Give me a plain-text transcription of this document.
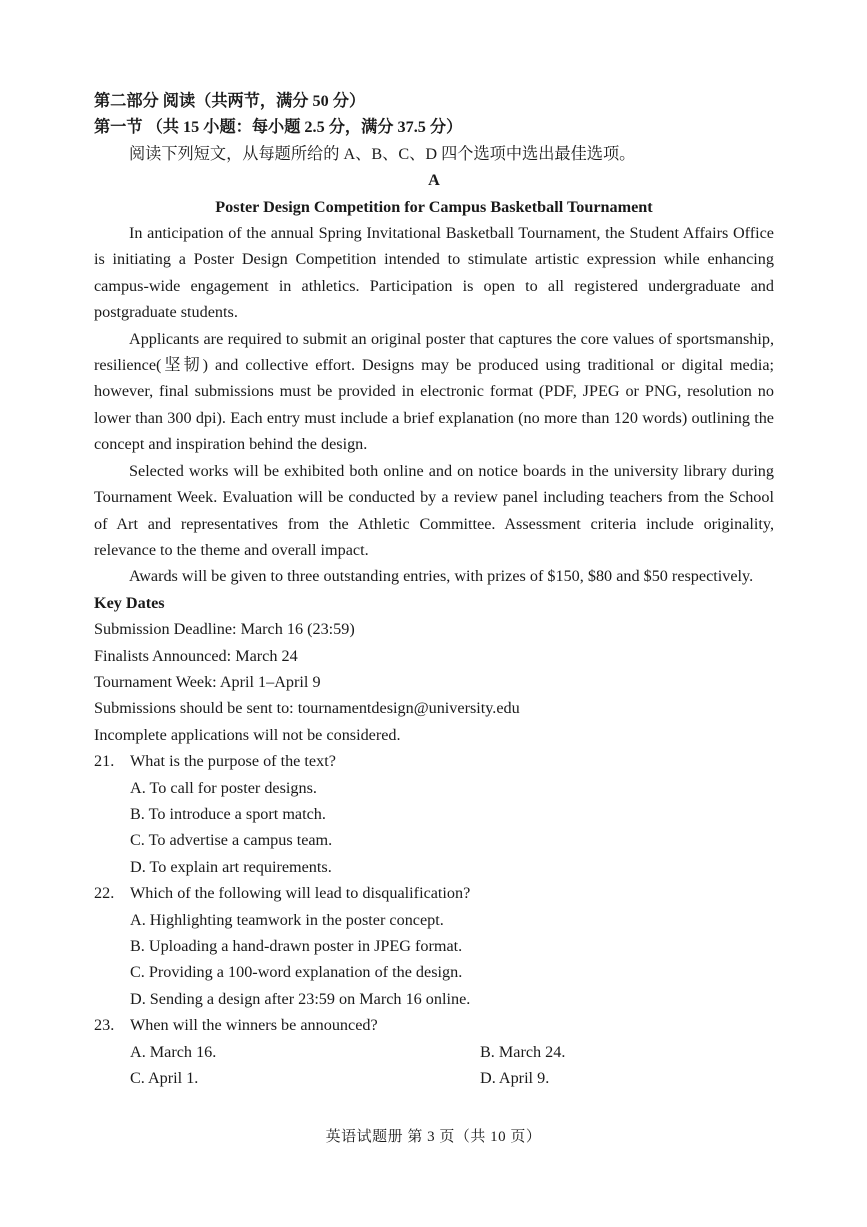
第二部分 阅读（共两节，满分 50 分）
第一节 （共 15 小题：每小题 2.5 分，满分 37.5 分）
阅读下列短文，从每题所给的 A、B、C、D 四个选项中选出最佳选项。
A
Poster Design Competition for Campus Basketball Tournament

In anticipation of the annual Spring Invitational Basketball Tournament, the Student Affairs Office is initiating a Poster Design Competition intended to stimulate artistic expression while enhancing campus-wide engagement in athletics. Participation is open to all registered undergraduate and postgraduate students.

Applicants are required to submit an original poster that captures the core values of sportsmanship, resilience(坚韧) and collective effort. Designs may be produced using traditional or digital media; however, final submissions must be provided in electronic format (PDF, JPEG or PNG, resolution no lower than 300 dpi). Each entry must include a brief explanation (no more than 120 words) outlining the concept and inspiration behind the design.

Selected works will be exhibited both online and on notice boards in the university library during Tournament Week. Evaluation will be conducted by a review panel including teachers from the School of Art and representatives from the Athletic Committee. Assessment criteria include originality, relevance to the theme and overall impact.

Awards will be given to three outstanding entries, with prizes of $150, $80 and $50 respectively.

Key Dates
Submission Deadline: March 16 (23:59)
Finalists Announced: March 24
Tournament Week: April 1–April 9
Submissions should be sent to: tournamentdesign@university.edu
Incomplete applications will not be considered.
21. What is the purpose of the text?
A. To call for poster designs.
B. To introduce a sport match.
C. To advertise a campus team.
D. To explain art requirements.
22. Which of the following will lead to disqualification?
A. Highlighting teamwork in the poster concept.
B. Uploading a hand-drawn poster in JPEG format.
C. Providing a 100-word explanation of the design.
D. Sending a design after 23:59 on March 16 online.
23. When will the winners be announced?
A. March 16.	B. March 24.
C. April 1.	D. April 9.
英语试题册 第 3 页（共 10 页）
